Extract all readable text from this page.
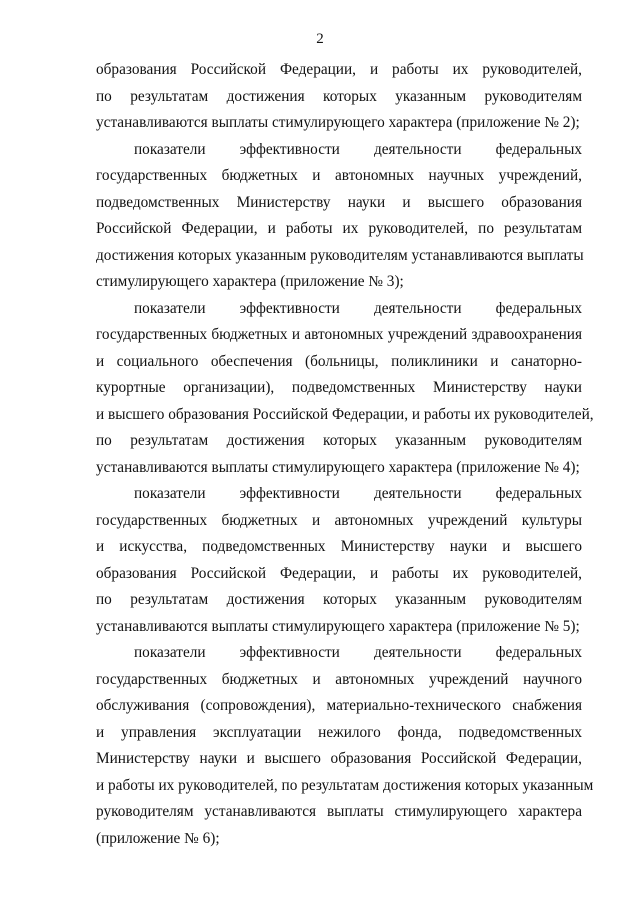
2
образования Российской Федерации, и работы их руководителей,
по результатам достижения которых указанным руководителям
устанавливаются выплаты стимулирующего характера (приложение № 2);
показатели эффективности деятельности федеральных
государственных бюджетных и автономных научных учреждений,
подведомственных Министерству науки и высшего образования
Российской Федерации, и работы их руководителей, по результатам
достижения которых указанным руководителям устанавливаются выплаты
стимулирующего характера (приложение № 3);
показатели эффективности деятельности федеральных
государственных бюджетных и автономных учреждений здравоохранения
и социального обеспечения (больницы, поликлиники и санаторно-
курортные организации), подведомственных Министерству науки
и высшего образования Российской Федерации, и работы их руководителей,
по результатам достижения которых указанным руководителям
устанавливаются выплаты стимулирующего характера (приложение № 4);
показатели эффективности деятельности федеральных
государственных бюджетных и автономных учреждений культуры
и искусства, подведомственных Министерству науки и высшего
образования Российской Федерации, и работы их руководителей,
по результатам достижения которых указанным руководителям
устанавливаются выплаты стимулирующего характера (приложение № 5);
показатели эффективности деятельности федеральных
государственных бюджетных и автономных учреждений научного
обслуживания (сопровождения), материально-технического снабжения
и управления эксплуатации нежилого фонда, подведомственных
Министерству науки и высшего образования Российской Федерации,
и работы их руководителей, по результатам достижения которых указанным
руководителям устанавливаются выплаты стимулирующего характера
(приложение № 6);
